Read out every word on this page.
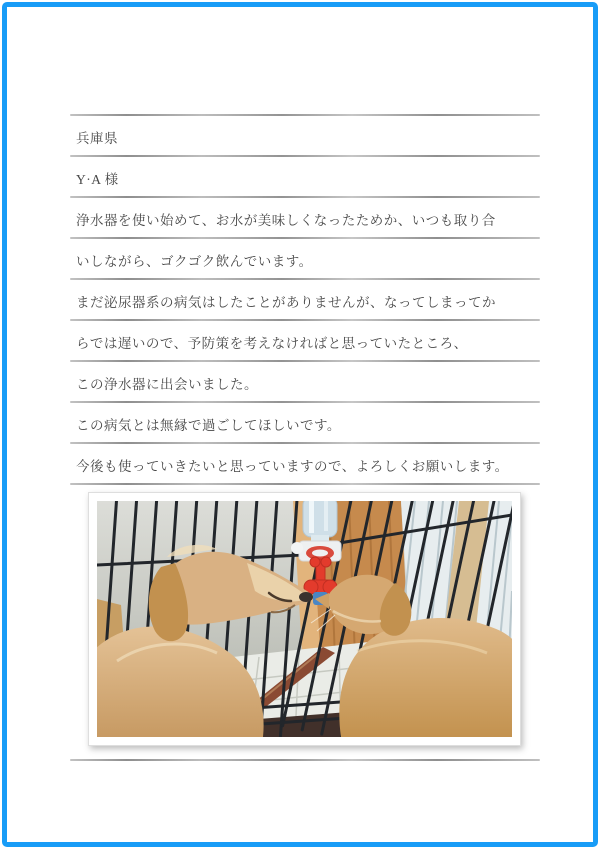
兵庫県
Y·A 様
浄水器を使い始めて、お水が美味しくなったためか、いつも取り合
いしながら、ゴクゴク飲んでいます。
まだ泌尿器系の病気はしたことがありませんが、なってしまってか
らでは遅いので、予防策を考えなければと思っていたところ、
この浄水器に出会いました。
この病気とは無縁で過ごしてほしいです。
今後も使っていきたいと思っていますので、よろしくお願いします。
